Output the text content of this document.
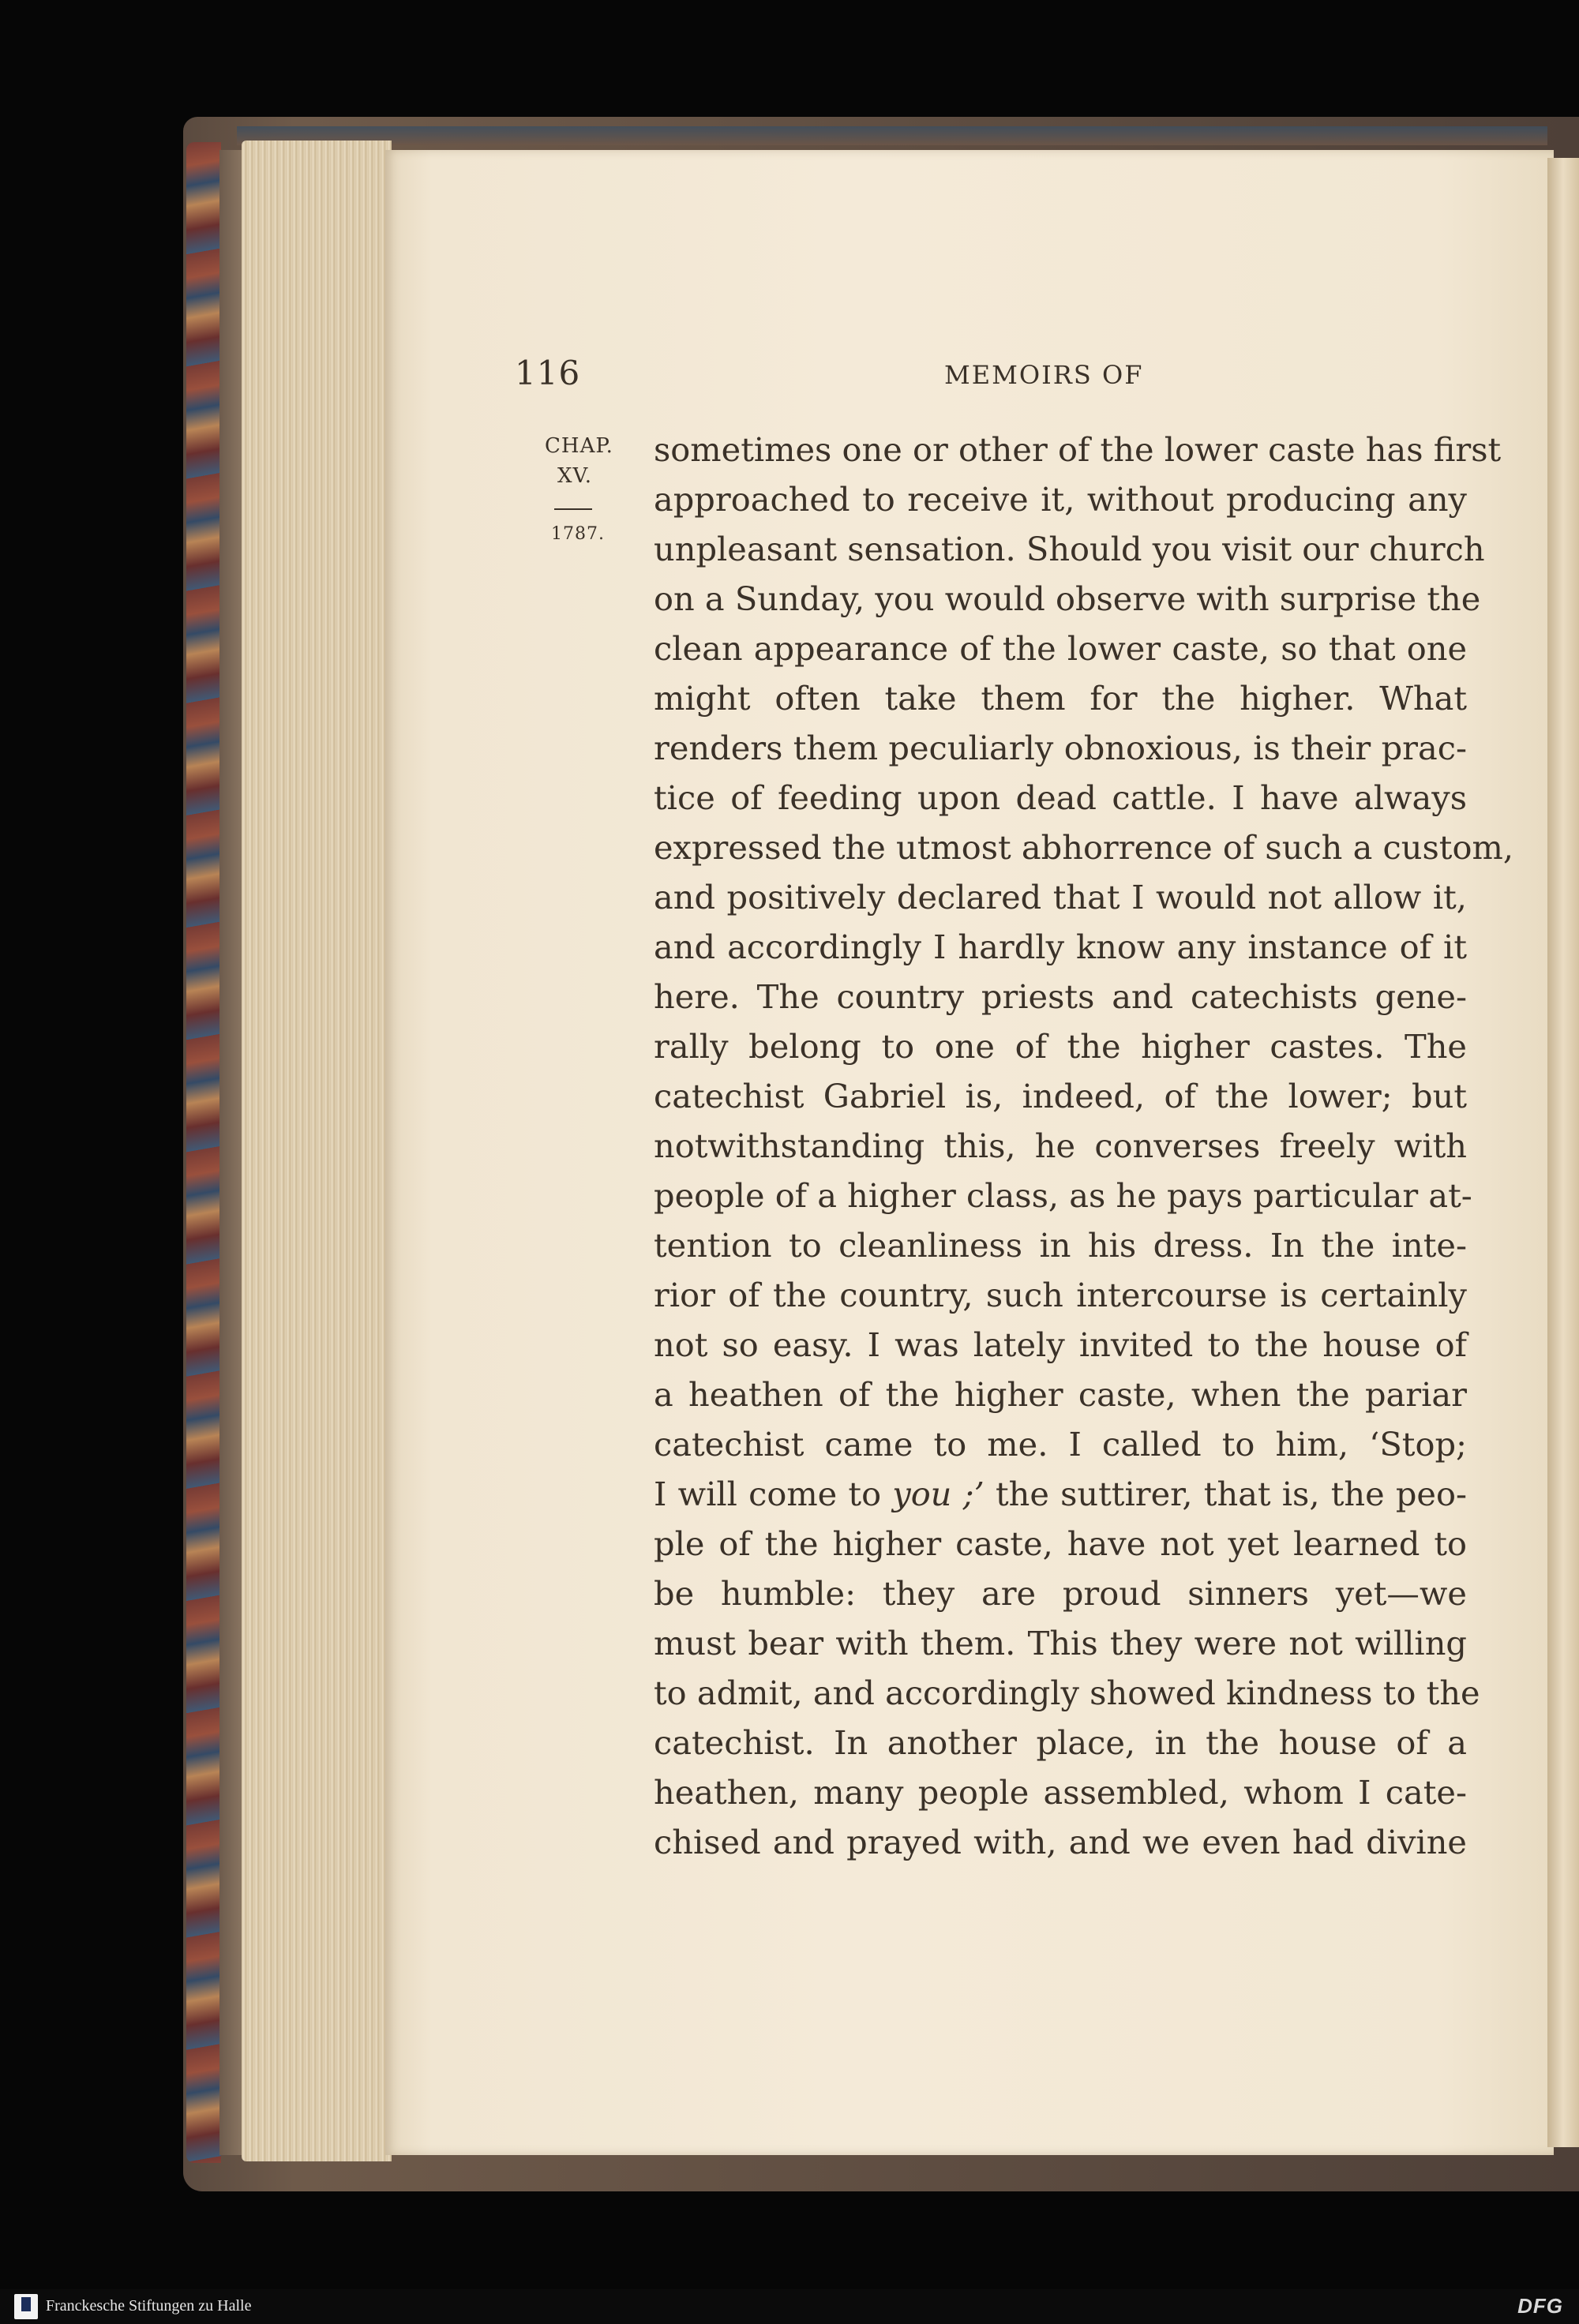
116	MEMOIRS OF
CHAP.
XV.
1787.
sometimes one or other of the lower caste has first
approached to receive it, without producing any
unpleasant sensation. Should you visit our church
on a Sunday, you would observe with surprise the
clean appearance of the lower caste, so that one
might often take them for the higher. What
renders them peculiarly obnoxious, is their prac-
tice of feeding upon dead cattle. I have always
expressed the utmost abhorrence of such a custom,
and positively declared that I would not allow it,
and accordingly I hardly know any instance of it
here. The country priests and catechists gene-
rally belong to one of the higher castes. The
catechist Gabriel is, indeed, of the lower; but
notwithstanding this, he converses freely with
people of a higher class, as he pays particular at-
tention to cleanliness in his dress. In the inte-
rior of the country, such intercourse is certainly
not so easy. I was lately invited to the house of
a heathen of the higher caste, when the pariar
catechist came to me. I called to him, ‘Stop;
I will come to you ;’ the suttirer, that is, the peo-
ple of the higher caste, have not yet learned to
be humble: they are proud sinners yet—we
must bear with them. This they were not willing
to admit, and accordingly showed kindness to the
catechist. In another place, in the house of a
heathen, many people assembled, whom I cate-
chised and prayed with, and we even had divine
Franckesche Stiftungen zu Halle	DFG
